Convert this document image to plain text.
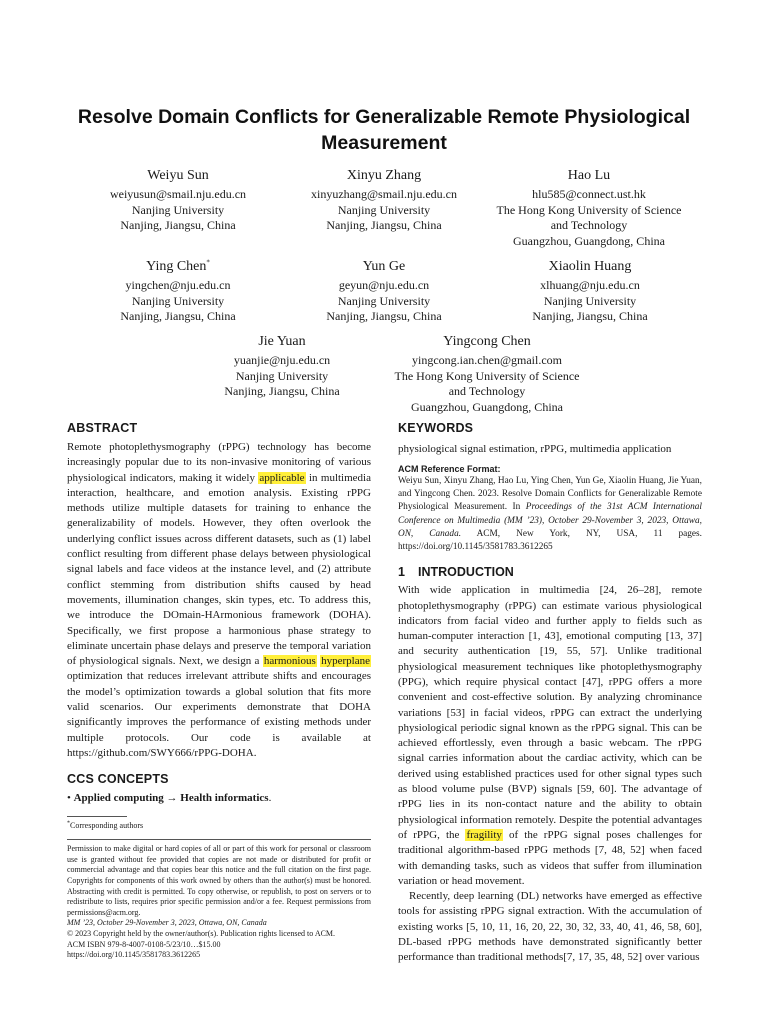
Resolve Domain Conflicts for Generalizable Remote Physiological Measurement
Weiyu Sun
weiyusun@smail.nju.edu.cn
Nanjing University
Nanjing, Jiangsu, China
Xinyu Zhang
xinyuzhang@smail.nju.edu.cn
Nanjing University
Nanjing, Jiangsu, China
Hao Lu
hlu585@connect.ust.hk
The Hong Kong University of Science
and Technology
Guangzhou, Guangdong, China
Ying Chen*
yingchen@nju.edu.cn
Nanjing University
Nanjing, Jiangsu, China
Yun Ge
geyun@nju.edu.cn
Nanjing University
Nanjing, Jiangsu, China
Xiaolin Huang
xlhuang@nju.edu.cn
Nanjing University
Nanjing, Jiangsu, China
Jie Yuan
yuanjie@nju.edu.cn
Nanjing University
Nanjing, Jiangsu, China
Yingcong Chen
yingcong.ian.chen@gmail.com
The Hong Kong University of Science
and Technology
Guangzhou, Guangdong, China
ABSTRACT

Remote photoplethysmography (rPPG) technology has become increasingly popular due to its non-invasive monitoring of various physiological indicators, making it widely applicable in multimedia interaction, healthcare, and emotion analysis. Existing rPPG methods utilize multiple datasets for training to enhance the generalizability of models. However, they often overlook the underlying conflict issues across different datasets, such as (1) label conflict resulting from different phase delays between physiological signal labels and face videos at the instance level, and (2) attribute conflict stemming from distribution shifts caused by head movements, illumination changes, skin types, etc. To address this, we introduce the DOmain-HArmonious framework (DOHA). Specifically, we first propose a harmonious phase strategy to eliminate uncertain phase delays and preserve the temporal variation of physiological signals. Next, we design a harmonious hyperplane optimization that reduces irrelevant attribute shifts and encourages the model’s optimization towards a global solution that fits more valid scenarios. Our experiments demonstrate that DOHA significantly improves the performance of existing methods under multiple protocols. Our code is available at https://github.com/SWY666/rPPG-DOHA.

CCS CONCEPTS
• Applied computing → Health informatics.
*Corresponding authors
Permission to make digital or hard copies of all or part of this work for personal or classroom use is granted without fee provided that copies are not made or distributed for profit or commercial advantage and that copies bear this notice and the full citation on the first page. Copyrights for components of this work owned by others than the author(s) must be honored. Abstracting with credit is permitted. To copy otherwise, or republish, to post on servers or to redistribute to lists, requires prior specific permission and/or a fee. Request permissions from permissions@acm.org.
MM ’23, October 29-November 3, 2023, Ottawa, ON, Canada
© 2023 Copyright held by the owner/author(s). Publication rights licensed to ACM.
ACM ISBN 979-8-4007-0108-5/23/10…$15.00
https://doi.org/10.1145/3581783.3612265
KEYWORDS
physiological signal estimation, rPPG, multimedia application
ACM Reference Format:
Weiyu Sun, Xinyu Zhang, Hao Lu, Ying Chen, Yun Ge, Xiaolin Huang, Jie Yuan, and Yingcong Chen. 2023. Resolve Domain Conflicts for Generalizable Remote Physiological Measurement. In Proceedings of the 31st ACM International Conference on Multimedia (MM ’23), October 29-November 3, 2023, Ottawa, ON, Canada. ACM, New York, NY, USA, 11 pages. https://doi.org/10.1145/3581783.3612265
1 INTRODUCTION

With wide application in multimedia [24, 26–28], remote photoplethysmography (rPPG) can estimate various physiological indicators from facial video and further apply to fields such as human-computer interaction [1, 43], emotional computing [13, 37] and security authentication [19, 55, 57]. Unlike traditional physiological measurement techniques like photoplethysmography (PPG), which require physical contact [47], rPPG offers a more convenient and cost-effective solution. By analyzing chrominance variations [53] in facial videos, rPPG can extract the underlying physiological periodic signal known as the rPPG signal. This can be achieved effortlessly, even through a basic webcam. The rPPG signal carries information about the cardiac activity, which can be derived using established practices used for other signal types such as blood volume pulse (BVP) signals [59, 60]. The advantage of rPPG lies in its non-contact nature and the ability to obtain physiological information remotely. Despite the potential advantages of rPPG, the fragility of the rPPG signal poses challenges for traditional algorithm-based rPPG methods [7, 48, 52] when faced with demanding tasks, such as videos that suffer from illumination variation or head movement.

Recently, deep learning (DL) networks have emerged as effective tools for assisting rPPG signal extraction. With the accumulation of existing works [5, 10, 11, 16, 20, 22, 30, 32, 33, 40, 41, 46, 58, 60], DL-based rPPG methods have demonstrated significantly better performance than traditional methods[7, 17, 35, 48, 52] over various
